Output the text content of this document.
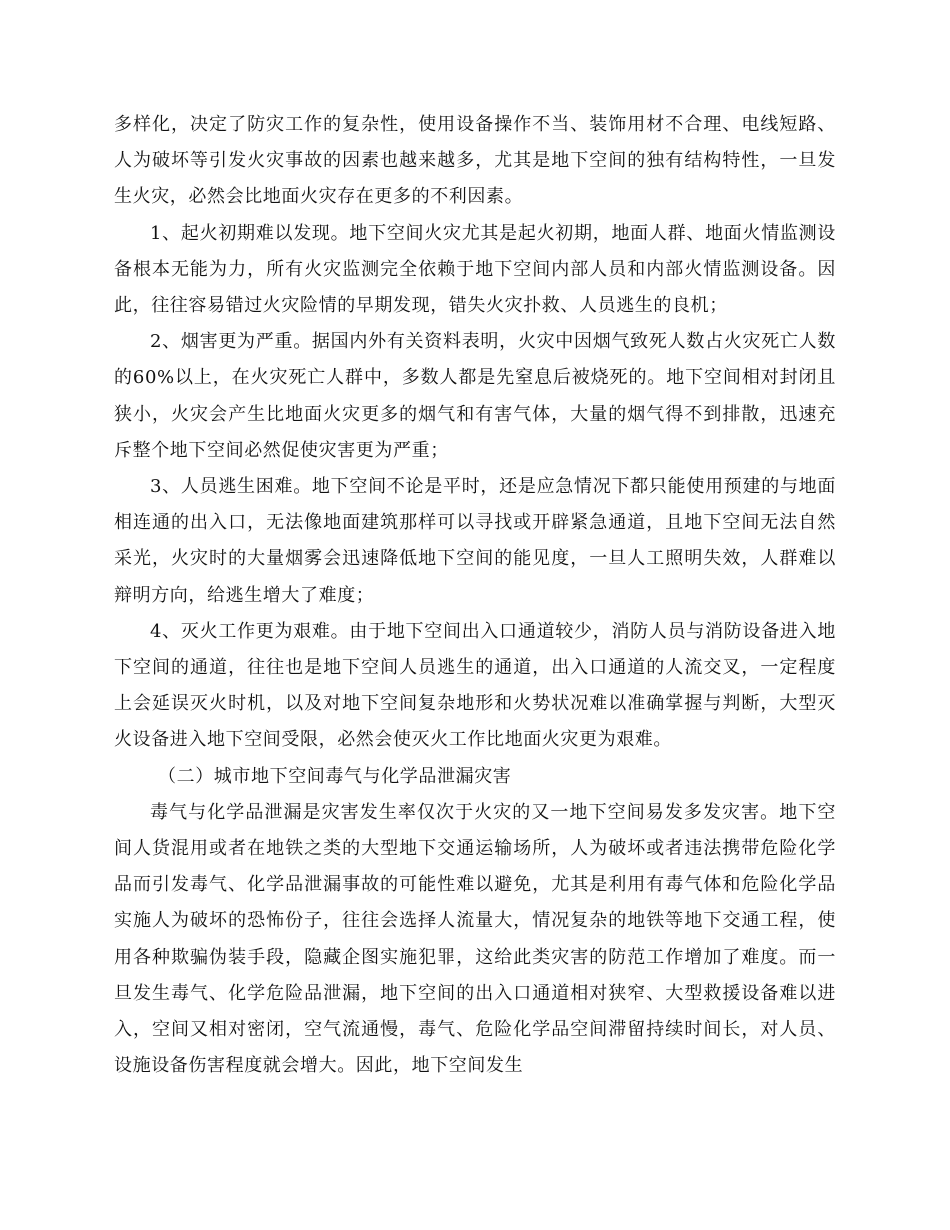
多样化，决定了防灾工作的复杂性，使用设备操作不当、装饰用材不合理、电线短路、人为破坏等引发火灾事故的因素也越来越多，尤其是地下空间的独有结构特性，一旦发生火灾，必然会比地面火灾存在更多的不利因素。

1、起火初期难以发现。地下空间火灾尤其是起火初期，地面人群、地面火情监测设备根本无能为力，所有火灾监测完全依赖于地下空间内部人员和内部火情监测设备。因此，往往容易错过火灾险情的早期发现，错失火灾扑救、人员逃生的良机；

2、烟害更为严重。据国内外有关资料表明，火灾中因烟气致死人数占火灾死亡人数的60%以上，在火灾死亡人群中，多数人都是先窒息后被烧死的。地下空间相对封闭且狭小，火灾会产生比地面火灾更多的烟气和有害气体，大量的烟气得不到排散，迅速充斥整个地下空间必然促使灾害更为严重；

3、人员逃生困难。地下空间不论是平时，还是应急情况下都只能使用预建的与地面相连通的出入口，无法像地面建筑那样可以寻找或开辟紧急通道，且地下空间无法自然采光，火灾时的大量烟雾会迅速降低地下空间的能见度，一旦人工照明失效，人群难以辩明方向，给逃生增大了难度；

4、灭火工作更为艰难。由于地下空间出入口通道较少，消防人员与消防设备进入地下空间的通道，往往也是地下空间人员逃生的通道，出入口通道的人流交叉，一定程度上会延误灭火时机，以及对地下空间复杂地形和火势状况难以准确掌握与判断，大型灭火设备进入地下空间受限，必然会使灭火工作比地面火灾更为艰难。

（二）城市地下空间毒气与化学品泄漏灾害

毒气与化学品泄漏是灾害发生率仅次于火灾的又一地下空间易发多发灾害。地下空间人货混用或者在地铁之类的大型地下交通运输场所，人为破坏或者违法携带危险化学品而引发毒气、化学品泄漏事故的可能性难以避免，尤其是利用有毒气体和危险化学品实施人为破坏的恐怖份子，往往会选择人流量大，情况复杂的地铁等地下交通工程，使用各种欺骗伪装手段，隐藏企图实施犯罪，这给此类灾害的防范工作增加了难度。而一旦发生毒气、化学危险品泄漏，地下空间的出入口通道相对狭窄、大型救援设备难以进入，空间又相对密闭，空气流通慢，毒气、危险化学品空间滞留持续时间长，对人员、设施设备伤害程度就会增大。因此，地下空间发生
